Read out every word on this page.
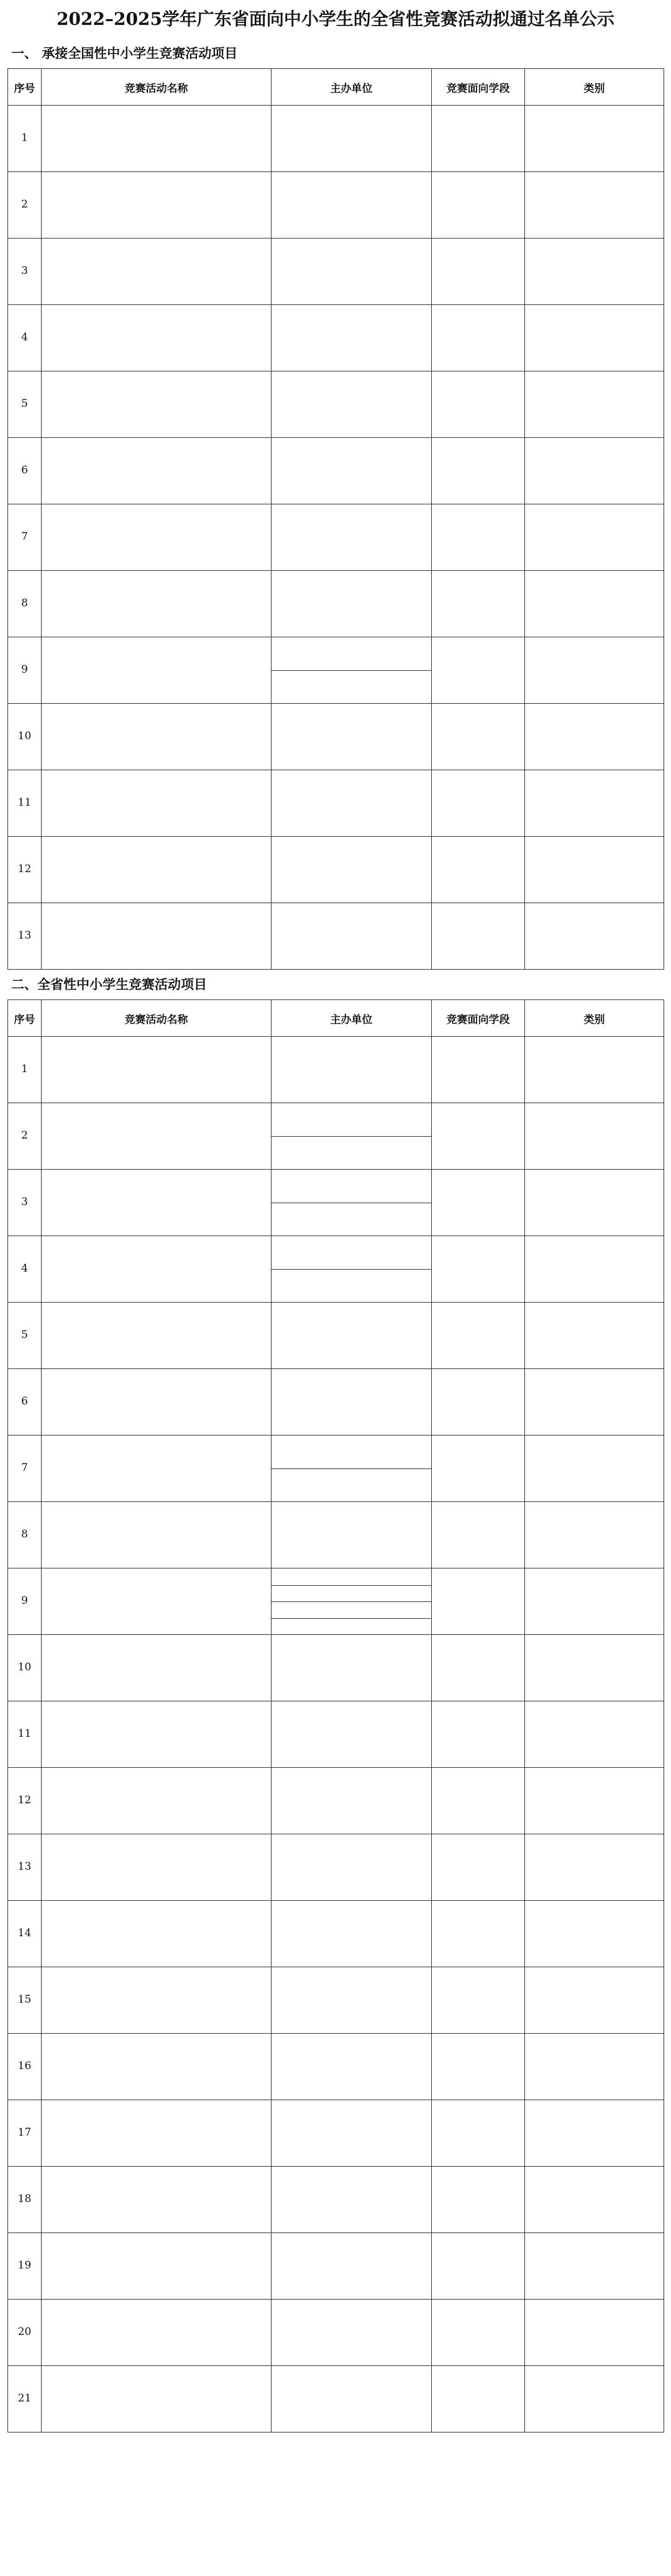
2022–2025学年广东省面向中小学生的全省性竞赛活动拟通过名单公示
一、 承接全国性中小学生竞赛活动项目
序号	竞赛活动名称	主办单位	竞赛面向学段	类别
1		

2		

3		

4		

5		

6		

7		

8		

9		

10		

11		

12		

13		

二、全省性中小学生竞赛活动项目
序号	竞赛活动名称	主办单位	竞赛面向学段	类别
1		

2		

3		

4		

5		

6		

7		

8		

9		

10		

11		

12		

13		

14		

15		

16		

17		

18		

19		

20		

21		
